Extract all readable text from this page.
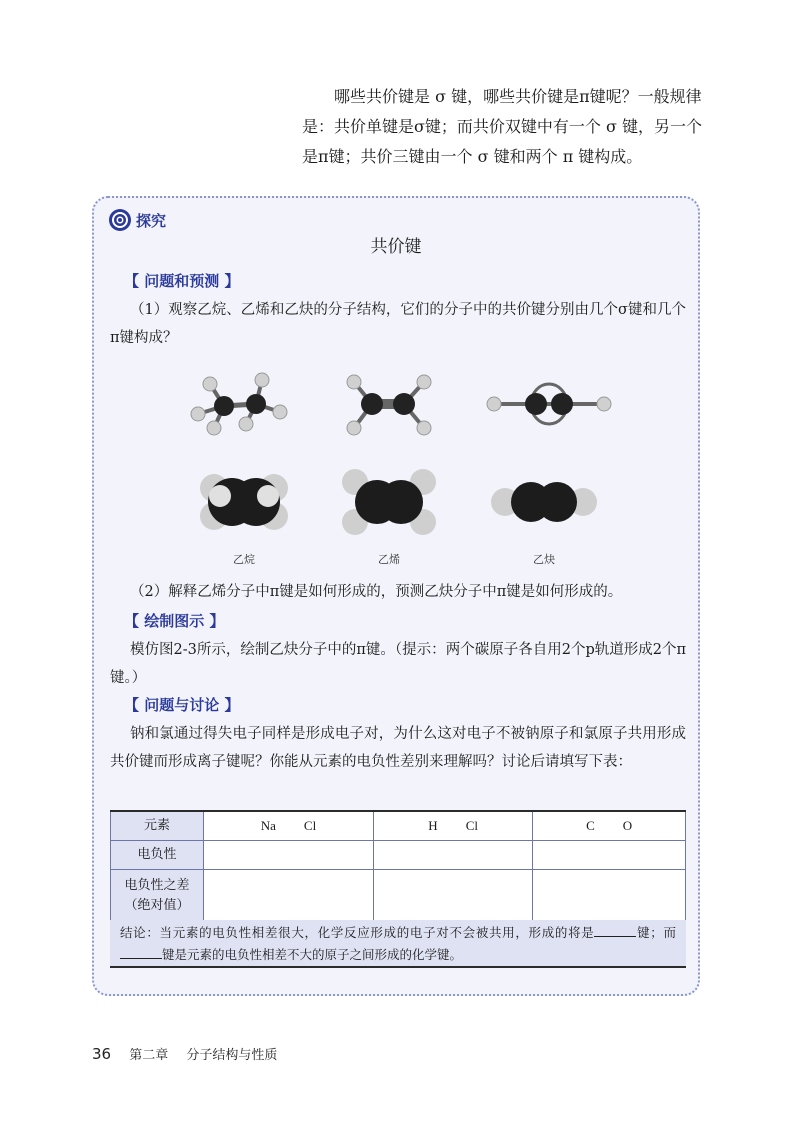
哪些共价键是 σ 键，哪些共价键是π键呢？一般规律

是：共价单键是σ键；而共价双键中有一个 σ 键，另一个

是π键；共价三键由一个 σ 键和两个 π 键构成。

探究
共价键
【 问题和预测 】

（1）观察乙烷、乙烯和乙炔的分子结构，它们的分子中的共价键分别由几个σ键和几个π键构成？

乙烷	乙烯	乙炔

（2）解释乙烯分子中π键是如何形成的，预测乙炔分子中π键是如何形成的。

【 绘制图示 】

模仿图2-3所示，绘制乙炔分子中的π键。（提示：两个碳原子各自用2个p轨道形成2个π键。）

【 问题与讨论 】

钠和氯通过得失电子同样是形成电子对，为什么这对电子不被钠原子和氯原子共用形成共价键而形成离子键呢？你能从元素的电负性差别来理解吗？讨论后请填写下表：

元素	Na Cl	H Cl	C O
电负性			

电负性之差
（绝对值）			

结论：当元素的电负性相差很大，化学反应形成的电子对不会被共用，形成的将是	键；而键是元素的电负性相差不大的原子之间形成的化学键。
36 第二章 分子结构与性质
